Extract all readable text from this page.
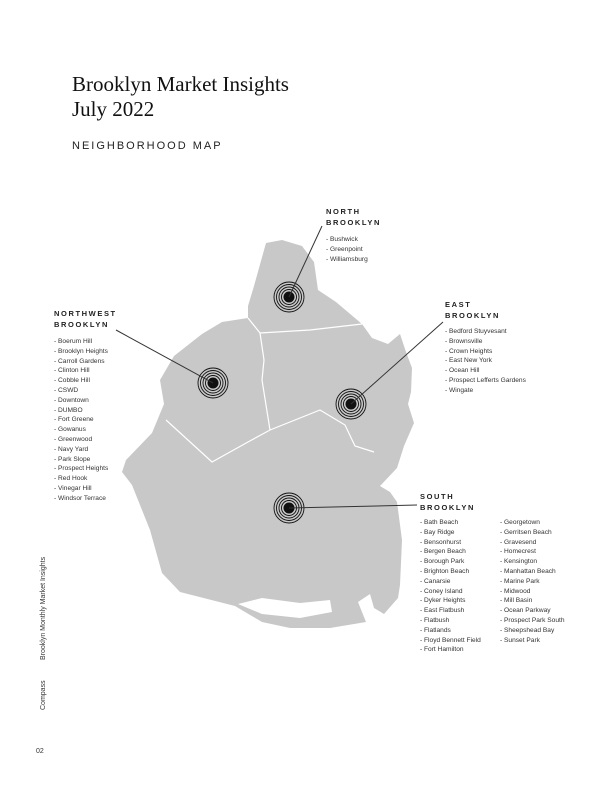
Brooklyn Market Insights
July 2022
NEIGHBORHOOD MAP
NORTH
BROOKLYN
- Bushwick
- Greenpoint
- Williamsburg
EAST
BROOKLYN
- Bedford Stuyvesant
- Brownsville
- Crown Heights
- East New York
- Ocean Hill
- Prospect Lefferts Gardens
- Wingate
NORTHWEST
BROOKLYN
- Boerum Hill
- Brooklyn Heights
- Carroll Gardens
- Clinton Hill
- Cobble Hill
- CSWD
- Downtown
- DUMBO
- Fort Greene
- Gowanus
- Greenwood
- Navy Yard
- Park Slope
- Prospect Heights
- Red Hook
- Vinegar Hill
- Windsor Terrace	SOUTH
BROOKLYN
- Bath Beach
- Bay Ridge
- Bensonhurst
- Bergen Beach
- Borough Park
- Brighton Beach
- Canarsie
- Coney Island
- Dyker Heights
- East Flatbush
- Flatbush
- Flatlands
- Floyd Bennett Field
- Fort Hamilton
- Georgetown
- Gerritsen Beach
- Gravesend
- Homecrest
- Kensington
- Manhattan Beach
- Marine Park
- Midwood
- Mill Basin
- Ocean Parkway
- Prospect Park South
- Sheepshead Bay
- Sunset Park
Brooklyn Monthly Market Insights
Compass
02
